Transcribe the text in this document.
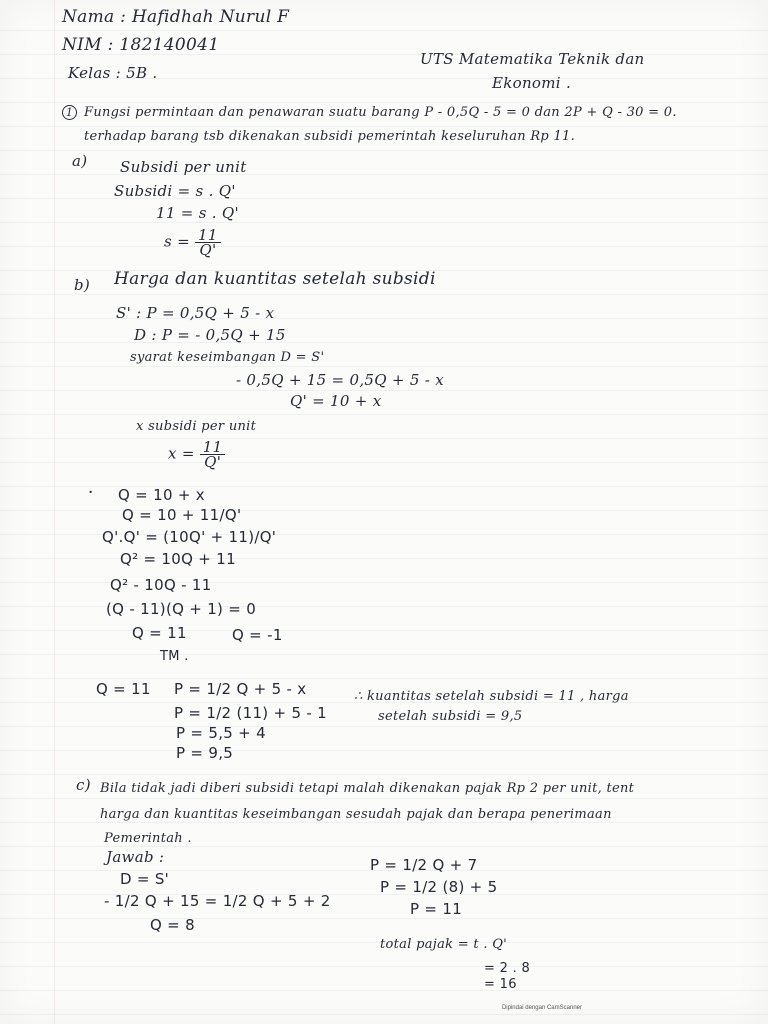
Nama : Hafidhah Nurul F
NIM : 182140041
Kelas : 5B .
UTS Matematika Teknik dan
Ekonomi .
1 Fungsi permintaan dan penawaran suatu barang P - 0,5Q - 5 = 0 dan 2P + Q - 30 = 0.
terhadap barang tsb dikenakan subsidi pemerintah keseluruhan Rp 11.
a) Subsidi per unit
Subsidi = s . Q'
11 = s . Q'
$s = \frac{11}{Q'}$
b) Harga dan kuantitas setelah subsidi
S' : P = 0,5Q + 5 - x
D : P = - 0,5Q + 15
syarat keseimbangan D = S'
- 0,5Q + 15 = 0,5Q + 5 - x
Q' = 10 + x
x subsidi per unit
$x = \frac{11}{Q'}$
· Q = 10 + x
Q = 10 + 11/Q'
Q'.Q' = (10Q' + 11)/Q'
Q² = 10Q + 11
Q² - 10Q - 11
(Q - 11)(Q + 1) = 0
Q = 11	Q = -1
TM .
Q = 11 P = 1/2 Q + 5 - x
P = 1/2 (11) + 5 - 1
P = 5,5 + 4
P = 9,5
∴ kuantitas setelah subsidi = 11 , harga
setelah subsidi = 9,5
c) Bila tidak jadi diberi subsidi tetapi malah dikenakan pajak Rp 2 per unit, tent
harga dan kuantitas keseimbangan sesudah pajak dan berapa penerimaan
Pemerintah .
Jawab :
D = S'
- 1/2 Q + 15 = 1/2 Q + 5 + 2
Q = 8
P = 1/2 Q + 7
P = 1/2 (8) + 5
P = 11
total pajak = t . Q'
= 2 . 8
= 16
Dipindai dengan CamScanner
